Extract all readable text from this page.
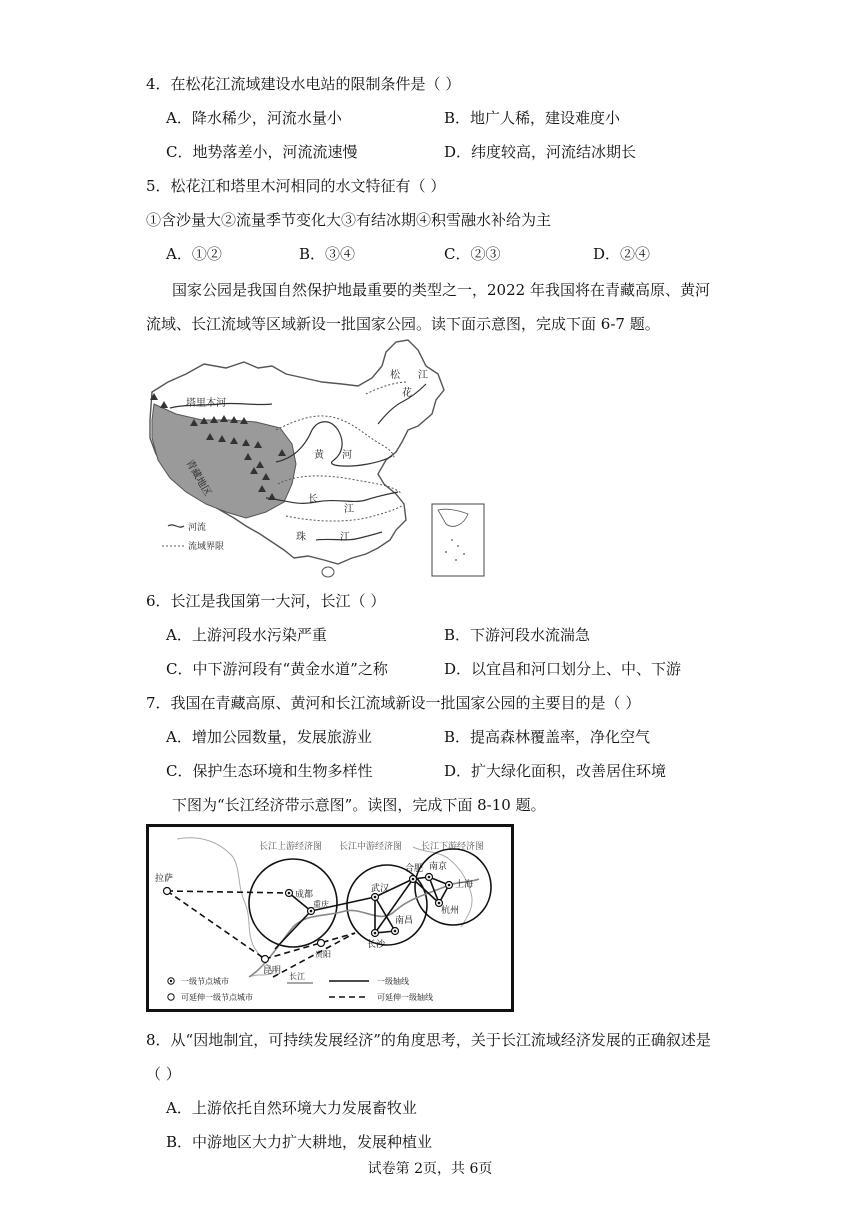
4．在松花江流域建设水电站的限制条件是（ ）
A．降水稀少，河流水量小	B．地广人稀，建设难度小
C．地势落差小，河流流速慢	D．纬度较高，河流结冰期长
5．松花江和塔里木河相同的水文特征有（ ）
①含沙量大②流量季节变化大③有结冰期④积雪融水补给为主
A．①②	B．③④	C．②③	D．②④
国家公园是我国自然保护地最重要的类型之一，2022 年我国将在青藏高原、黄河
流域、长江流域等区域新设一批国家公园。读下面示意图，完成下面 6-7 题。
塔里木河
青藏地区
松
花
江
黄 河
长
江
珠	江
河流
流域界限
6．长江是我国第一大河，长江（ ）
A．上游河段水污染严重	B．下游河段水流湍急
C．中下游河段有“黄金水道”之称	D．以宜昌和河口划分上、中、下游
7．我国在青藏高原、黄河和长江流域新设一批国家公园的主要目的是（ ）
A．增加公园数量，发展旅游业	B．提高森林覆盖率，净化空气
C．保护生态环境和生物多样性	D．扩大绿化面积，改善居住环境
下图为“长江经济带示意图”。读图，完成下面 8-10 题。
长江上游经济图 长江中游经济图 长江下游经济图
拉萨
成都
重庆
昆明
贵阳
武汉
长沙
南昌
合肥 南京
上海
杭州
一级节点城市
可延伸一级节点城市
长江
一级轴线
可延伸一级轴线
8．从“因地制宜，可持续发展经济”的角度思考，关于长江流域经济发展的正确叙述是
（ ）
A．上游依托自然环境大力发展畜牧业
B．中游地区大力扩大耕地，发展种植业
试卷第 2页，共 6页
